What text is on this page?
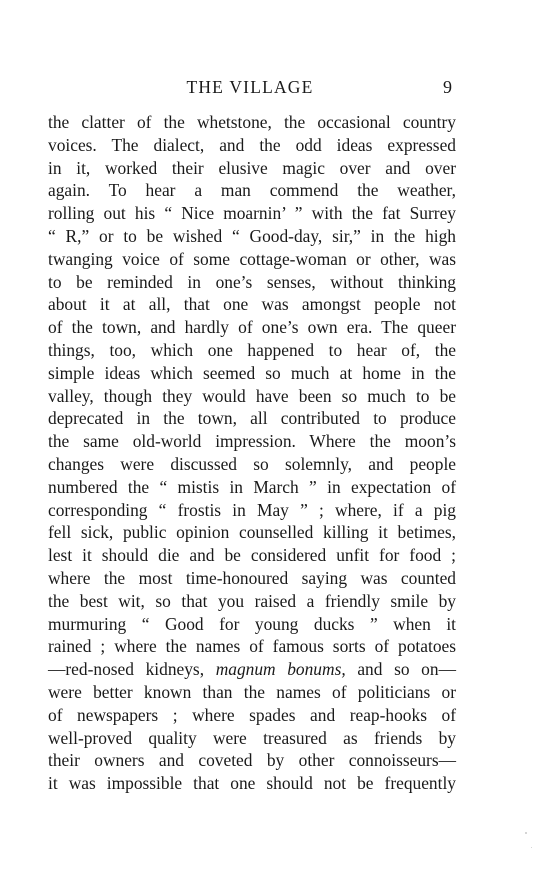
THE VILLAGE	9
the clatter of the whetstone, the occasional country
voices. The dialect, and the odd ideas expressed
in it, worked their elusive magic over and over
again. To hear a man commend the weather,
rolling out his “ Nice moarnin’ ” with the fat Surrey
“ R,” or to be wished “ Good-day, sir,” in the high
twanging voice of some cottage-woman or other, was
to be reminded in one’s senses, without thinking
about it at all, that one was amongst people not
of the town, and hardly of one’s own era. The queer
things, too, which one happened to hear of, the
simple ideas which seemed so much at home in the
valley, though they would have been so much to be
deprecated in the town, all contributed to produce
the same old-world impression. Where the moon’s
changes were discussed so solemnly, and people
numbered the “ mistis in March ” in expectation of
corresponding “ frostis in May ” ; where, if a pig
fell sick, public opinion counselled killing it betimes,
lest it should die and be considered unfit for food ;
where the most time-honoured saying was counted
the best wit, so that you raised a friendly smile by
murmuring “ Good for young ducks ” when it
rained ; where the names of famous sorts of potatoes
—red-nosed kidneys, magnum bonums, and so on—
were better known than the names of politicians or
of newspapers ; where spades and reap-hooks of
well-proved quality were treasured as friends by
their owners and coveted by other connoisseurs—
it was impossible that one should not be frequently
